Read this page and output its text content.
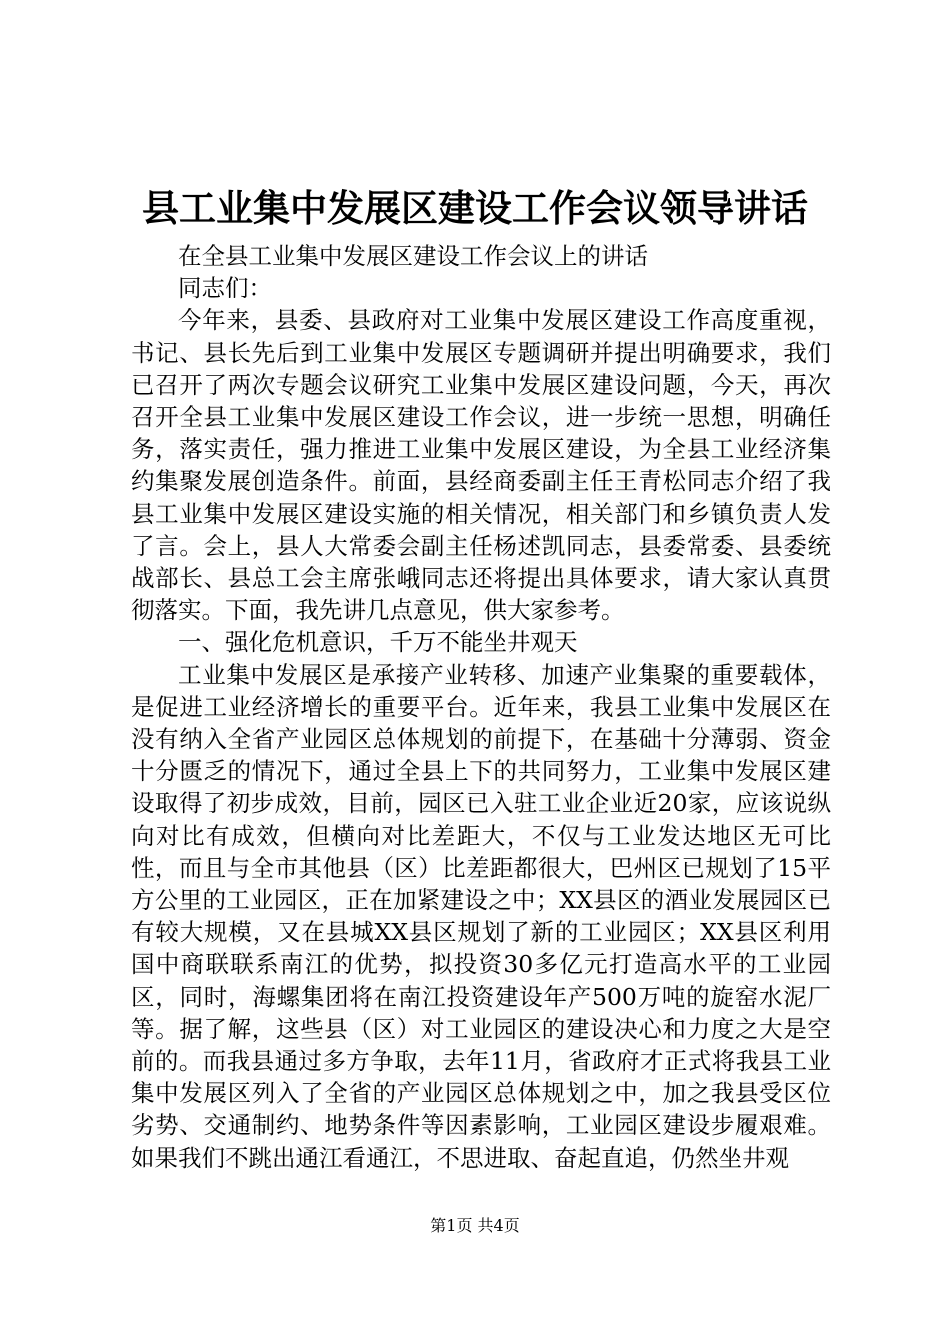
县工业集中发展区建设工作会议领导讲话

在全县工业集中发展区建设工作会议上的讲话

同志们：

今年来，县委、县政府对工业集中发展区建设工作高度重视，书记、县长先后到工业集中发展区专题调研并提出明确要求，我们已召开了两次专题会议研究工业集中发展区建设问题，今天，再次召开全县工业集中发展区建设工作会议，进一步统一思想，明确任务，落实责任，强力推进工业集中发展区建设，为全县工业经济集约集聚发展创造条件。前面，县经商委副主任王青松同志介绍了我县工业集中发展区建设实施的相关情况，相关部门和乡镇负责人发了言。会上，县人大常委会副主任杨述凯同志，县委常委、县委统战部长、县总工会主席张峨同志还将提出具体要求，请大家认真贯彻落实。下面，我先讲几点意见，供大家参考。

一、强化危机意识，千万不能坐井观天

工业集中发展区是承接产业转移、加速产业集聚的重要载体，是促进工业经济增长的重要平台。近年来，我县工业集中发展区在没有纳入全省产业园区总体规划的前提下，在基础十分薄弱、资金十分匮乏的情况下，通过全县上下的共同努力，工业集中发展区建设取得了初步成效，目前，园区已入驻工业企业近20家，应该说纵向对比有成效，但横向对比差距大，不仅与工业发达地区无可比性，而且与全市其他县（区）比差距都很大，巴州区已规划了15平方公里的工业园区，正在加紧建设之中；XX县区的酒业发展园区已有较大规模，又在县城XX县区规划了新的工业园区；XX县区利用国中商联联系南江的优势，拟投资30多亿元打造高水平的工业园区，同时，海螺集团将在南江投资建设年产500万吨的旋窑水泥厂等。据了解，这些县（区）对工业园区的建设决心和力度之大是空前的。而我县通过多方争取，去年11月，省政府才正式将我县工业集中发展区列入了全省的产业园区总体规划之中，加之我县受区位劣势、交通制约、地势条件等因素影响，工业园区建设步履艰难。如果我们不跳出通江看通江，不思进取、奋起直追，仍然坐井观

第1页 共4页
